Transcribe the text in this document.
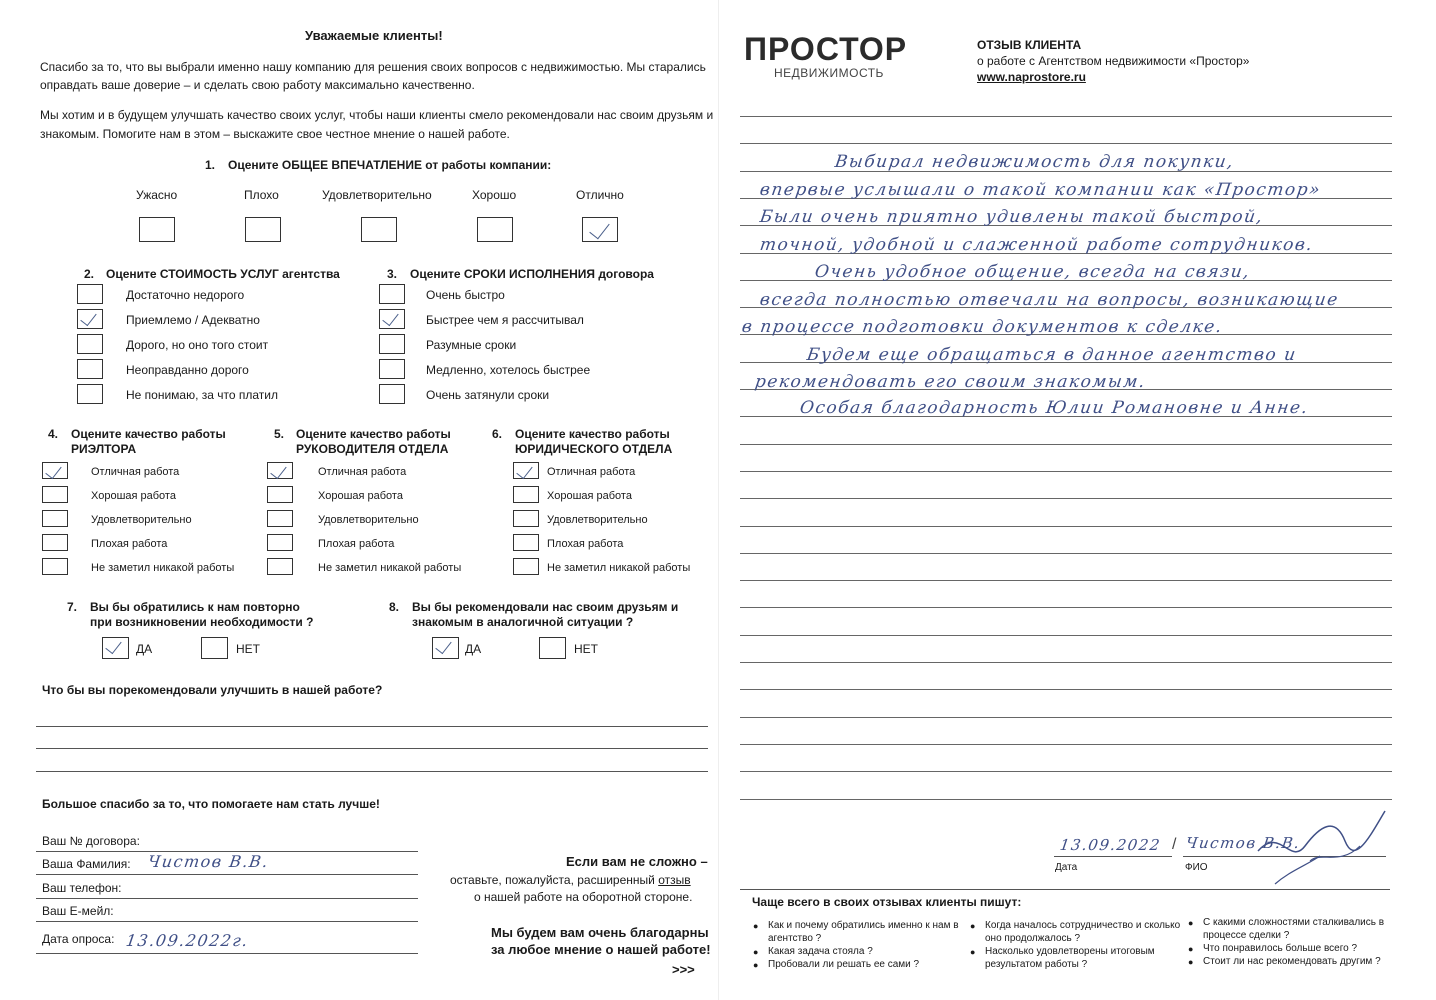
Уважаемые клиенты!
Спасибо за то, что вы выбрали именно нашу компанию для решения своих вопросов с недвижимостью. Мы старались
оправдать ваше доверие – и сделать свою работу максимально качественно.
Мы хотим и в будущем улучшать качество своих услуг, чтобы наши клиенты смело рекомендовали нас своим друзьям и
знакомым. Помогите нам в этом – выскажите свое честное мнение о нашей работе.
1. Оцените ОБЩЕЕ ВПЕЧАТЛЕНИЕ от работы компании:
Ужасно	Плохо	Удовлетворительно	Хорошо	Отлично
2. Оцените СТОИМОСТЬ УСЛУГ агентства
Достаточно недорого
Приемлемо / Адекватно
Дорого, но оно того стоит
Неоправданно дорого
Не понимаю, за что платил
3. Оцените СРОКИ ИСПОЛНЕНИЯ договора
Очень быстро
Быстрее чем я рассчитывал
Разумные сроки
Медленно, хотелось быстрее
Очень затянули сроки
4. Оцените качество работы
РИЭЛТОРА
Отличная работа
Хорошая работа
Удовлетворительно
Плохая работа
Не заметил никакой работы
5. Оцените качество работы
РУКОВОДИТЕЛЯ ОТДЕЛА
Отличная работа
Хорошая работа
Удовлетворительно
Плохая работа
Не заметил никакой работы
6. Оцените качество работы
ЮРИДИЧЕСКОГО ОТДЕЛА
Отличная работа
Хорошая работа
Удовлетворительно
Плохая работа
Не заметил никакой работы
7. Вы бы обратились к нам повторно
при возникновении необходимости ?
ДА	НЕТ
8. Вы бы рекомендовали нас своим друзьям и
знакомым в аналогичной ситуации ?
ДА	НЕТ
Что бы вы порекомендовали улучшить в нашей работе?
Большое спасибо за то, что помогаете нам стать лучше!
Ваш № договора:
Ваша Фамилия: Чистов В.В.
Ваш телефон:
Ваш Е-мейл:
Дата опроса: 13.09.2022г.
Если вам не сложно –
оставьте, пожалуйста, расширенный отзыв
о нашей работе на оборотной стороне.
Мы будем вам очень благодарны
за любое мнение о нашей работе!
>>>
ПРОСТОР
НЕДВИЖИМОСТЬ
ОТЗЫВ КЛИЕНТА
о работе с Агентством недвижимости «Простор»
www.naprostore.ru
Выбирал недвижимость для покупки,
впервые услышали о такой компании как «Простор»
Были очень приятно удивлены такой быстрой,
точной, удобной и слаженной работе сотрудников.
Очень удобное общение, всегда на связи,
всегда полностью отвечали на вопросы, возникающие
в процессе подготовки документов к сделке.
Будем еще обращаться в данное агентство и
рекомендовать его своим знакомым.
Особая благодарность Юлии Романовне и Анне.
13.09.2022 / Чистов В.В.
Дата	ФИО
Чаще всего в своих отзывах клиенты пишут:
● Как и почему обратились именно к нам в
агентство ?
● Какая задача стояла ?
● Пробовали ли решать ее сами ?
● Когда началось сотрудничество и сколько
оно продолжалось ?
● Насколько удовлетворены итоговым
результатом работы ?
● С какими сложностями сталкивались в
процессе сделки ?
● Что понравилось больше всего ?
● Стоит ли нас рекомендовать другим ?
